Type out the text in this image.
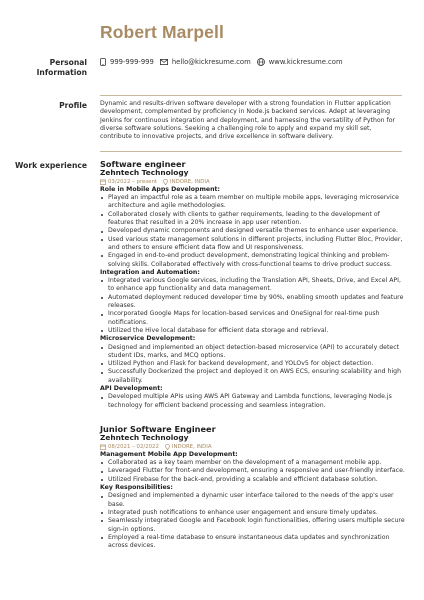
Robert Marpell
Personal
Information
999-999-999	hello@kickresume.com	www.kickresume.com
Profile Dynamic and results-driven software developer with a strong foundation in Flutter application development, complemented by proficiency in Node.js backend services. Adept at leveraging Jenkins for continuous integration and deployment, and harnessing the versatility of Python for diverse software solutions. Seeking a challenging role to apply and expand my skill set, contribute to innovative projects, and drive excellence in software delivery.
Work experience Software engineer
Zehntech Technology
03/2022 – present INDORE, INDIA
Role in Mobile Apps Development:
Played an impactful role as a team member on multiple mobile apps, leveraging microservice architecture and agile methodologies.
Collaborated closely with clients to gather requirements, leading to the development of features that resulted in a 20% increase in app user retention.
Developed dynamic components and designed versatile themes to enhance user experience.
Used various state management solutions in different projects, including Flutter Bloc, Provider, and others to ensure efficient data flow and UI responsiveness.
Engaged in end-to-end product development, demonstrating logical thinking and problem-solving skills. Collaborated effectively with cross-functional teams to drive product success.
Integration and Automation:
Integrated various Google services, including the Translation API, Sheets, Drive, and Excel API, to enhance app functionality and data management.
Automated deployment reduced developer time by 90%, enabling smooth updates and feature releases.
Incorporated Google Maps for location-based services and OneSignal for real-time push notifications.
Utilized the Hive local database for efficient data storage and retrieval.
Microservice Development:
Designed and implemented an object detection-based microservice (API) to accurately detect student IDs, marks, and MCQ options.
Utilized Python and Flask for backend development, and YOLOv5 for object detection.
Successfully Dockerized the project and deployed it on AWS ECS, ensuring scalability and high availability.
API Development:
Developed multiple APIs using AWS API Gateway and Lambda functions, leveraging Node.js technology for efficient backend processing and seamless integration.
Junior Software Engineer
Zehntech Technology
08/2021 – 02/2022 INDORE, INDIA
Management Mobile App Development:
Collaborated as a key team member on the development of a management mobile app.
Leveraged Flutter for front-end development, ensuring a responsive and user-friendly interface.
Utilized Firebase for the back-end, providing a scalable and efficient database solution.
Key Responsibilities:
Designed and implemented a dynamic user interface tailored to the needs of the app's user base.
Integrated push notifications to enhance user engagement and ensure timely updates.
Seamlessly integrated Google and Facebook login functionalities, offering users multiple secure sign-in options.
Employed a real-time database to ensure instantaneous data updates and synchronization across devices.
